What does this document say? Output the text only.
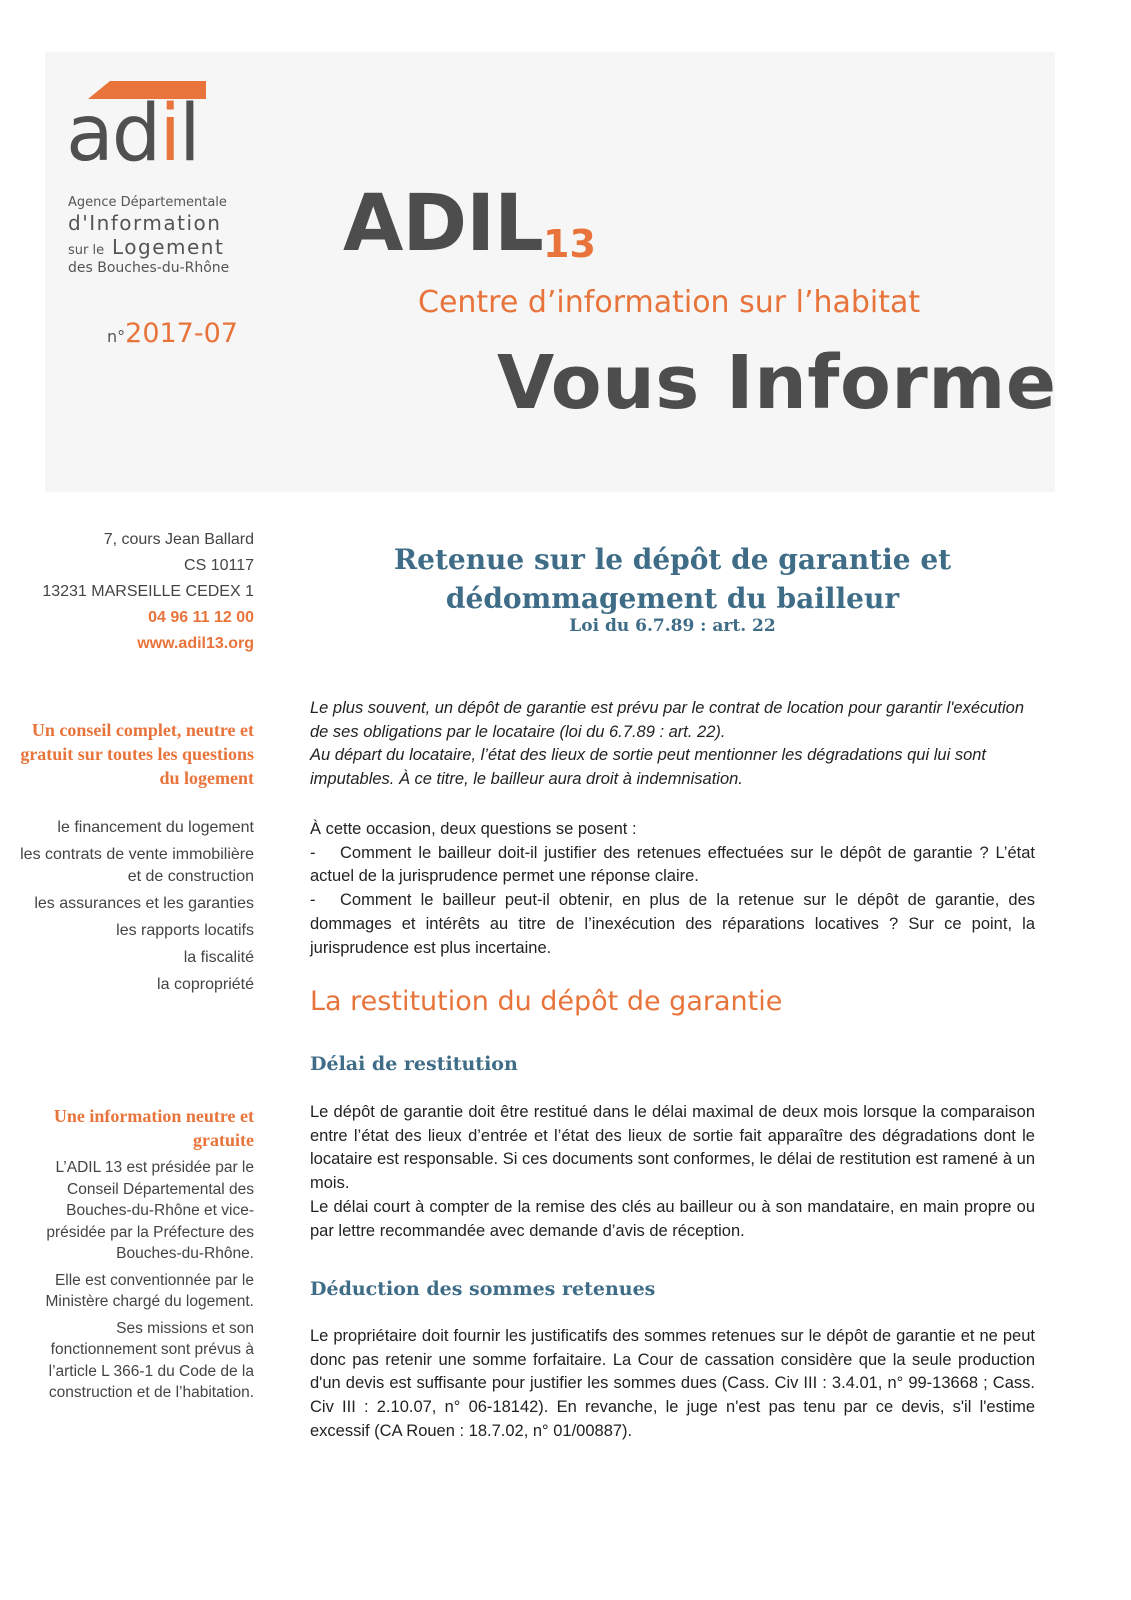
adil
Agence Départementale
d'Information
sur le Logement
des Bouches-du-Rhône
n°2017-07
ADIL 13
Centre d’information sur l’habitat
Vous Informe
7, cours Jean Ballard
CS 10117
13231 MARSEILLE CEDEX 1
04 96 11 12 00
www.adil13.org
Un conseil complet, neutre et gratuit sur toutes les questions du logement
le financement du logement
les contrats de vente immobilière et de construction
les assurances et les garanties
les rapports locatifs
la fiscalité
la copropriété
Une information neutre et gratuite

L’ADIL 13 est présidée par le Conseil Départemental des Bouches-du-Rhône et vice-présidée par la Préfecture des Bouches-du-Rhône.

Elle est conventionnée par le Ministère chargé du logement.

Ses missions et son fonctionnement sont prévus à l’article L 366-1 du Code de la construction et de l’habitation.

Retenue sur le dépôt de garantie et
dédommagement du bailleur
Loi du 6.7.89 : art. 22

Le plus souvent, un dépôt de garantie est prévu par le contrat de location pour garantir l'exécution de ses obligations par le locataire (loi du 6.7.89 : art. 22).

Au départ du locataire, l’état des lieux de sortie peut mentionner les dégradations qui lui sont imputables. À ce titre, le bailleur aura droit à indemnisation.

À cette occasion, deux questions se posent :

- Comment le bailleur doit-il justifier des retenues effectuées sur le dépôt de garantie ? L’état actuel de la jurisprudence permet une réponse claire.

- Comment le bailleur peut-il obtenir, en plus de la retenue sur le dépôt de garantie, des dommages et intérêts au titre de l’inexécution des réparations locatives ? Sur ce point, la jurisprudence est plus incertaine.

La restitution du dépôt de garantie
Délai de restitution

Le dépôt de garantie doit être restitué dans le délai maximal de deux mois lorsque la comparaison entre l’état des lieux d’entrée et l’état des lieux de sortie fait apparaître des dégradations dont le locataire est responsable. Si ces documents sont conformes, le délai de restitution est ramené à un mois.

Le délai court à compter de la remise des clés au bailleur ou à son mandataire, en main propre ou par lettre recommandée avec demande d’avis de réception.

Déduction des sommes retenues

Le propriétaire doit fournir les justificatifs des sommes retenues sur le dépôt de garantie et ne peut donc pas retenir une somme forfaitaire. La Cour de cassation considère que la seule production d'un devis est suffisante pour justifier les sommes dues (Cass. Civ III : 3.4.01, n° 99-13668 ; Cass. Civ III : 2.10.07, n° 06-18142). En revanche, le juge n'est pas tenu par ce devis, s'il l'estime excessif (CA Rouen : 18.7.02, n° 01/00887).
